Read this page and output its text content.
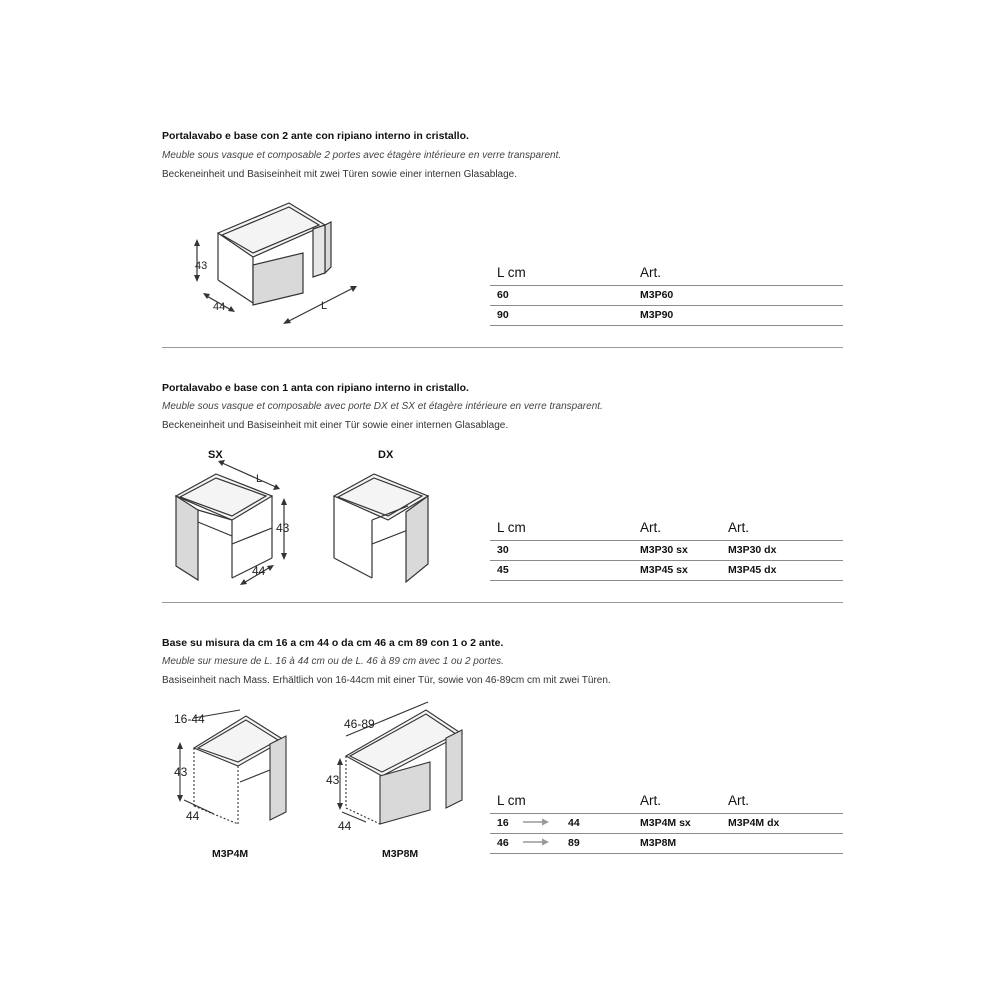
Portalavabo e base con 2 ante con ripiano interno in cristallo.
Meuble sous vasque et composable 2 portes avec étagère intérieure en verre transparent.
Beckeneinheit und Basiseinheit mit zwei Türen sowie einer internen Glasablage.
43
44	L
L cm	Art.
60	M3P60
90	M3P90
Portalavabo e base con 1 anta con ripiano interno in cristallo.
Meuble sous vasque et composable avec porte DX et SX et étagère intérieure en verre transparent.
Beckeneinheit und Basiseinheit mit einer Tür sowie einer internen Glasablage.
SX	DX
L
43
44
L cm	Art.	Art.
30	M3P30 sx	M3P30 dx
45	M3P45 sx	M3P45 dx
Base su misura da cm 16 a cm 44 o da cm 46 a cm 89 con 1 o 2 ante.
Meuble sur mesure de L. 16 à 44 cm ou de L. 46 à 89 cm avec 1 ou 2 portes.
Basiseinheit nach Mass. Erhältlich von 16-44cm mit einer Tür, sowie von 46-89cm cm mit zwei Türen.
16-44
43
44
M3P4M
46-89
43
44
M3P8M
L cm	Art.	Art.
16	44	M3P4M sx	M3P4M dx
46	89	M3P8M
